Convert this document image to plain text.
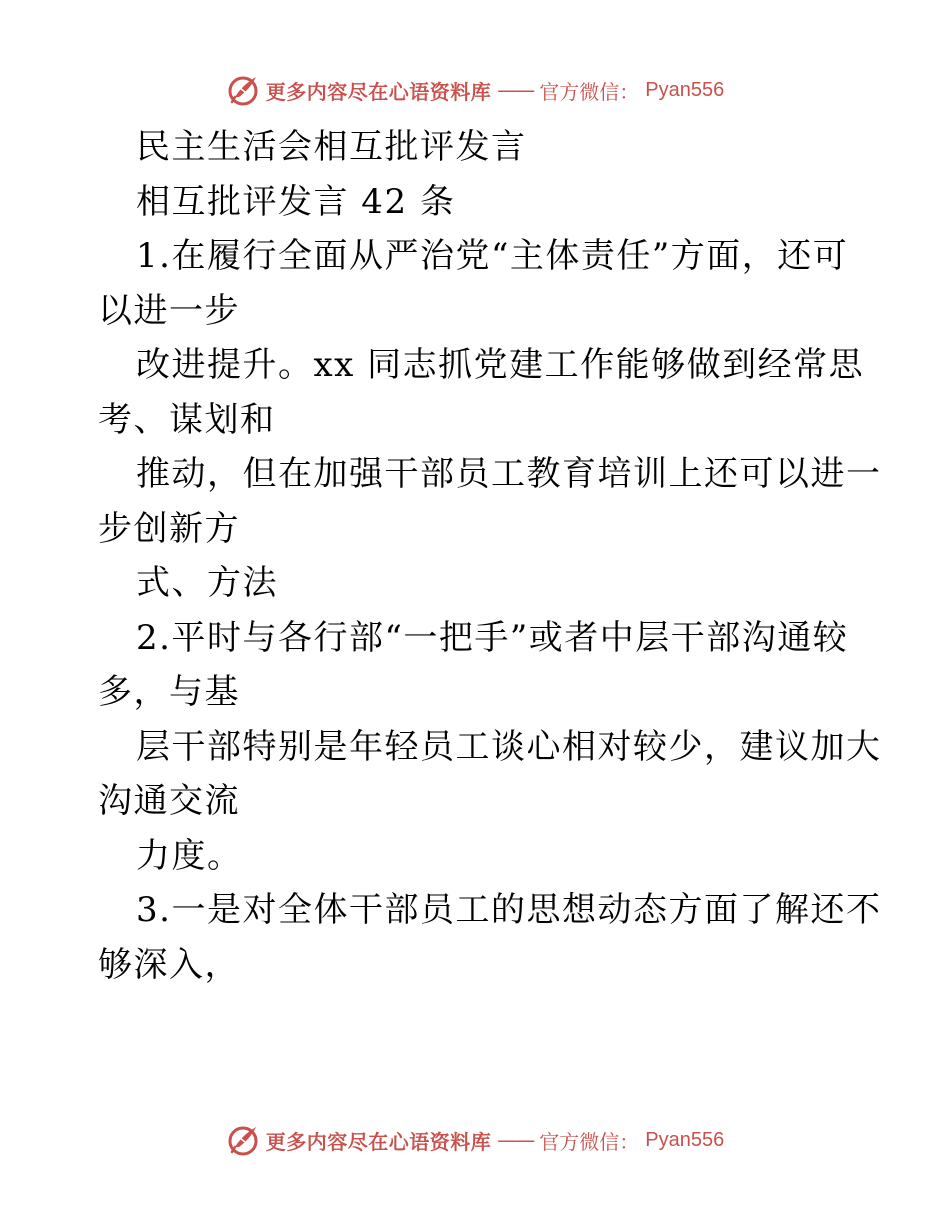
更多内容尽在心语资料库 —— 官方微信： Pyan556
民主生活会相互批评发言
相互批评发言 42 条
1.在履行全面从严治党“主体责任”方面，还可
以进一步
改进提升。xx 同志抓党建工作能够做到经常思
考、谋划和
推动，但在加强干部员工教育培训上还可以进一
步创新方
式、方法
2.平时与各行部“一把手”或者中层干部沟通较
多，与基
层干部特别是年轻员工谈心相对较少，建议加大
沟通交流
力度。
3.一是对全体干部员工的思想动态方面了解还不
够深入，
更多内容尽在心语资料库 —— 官方微信： Pyan556
